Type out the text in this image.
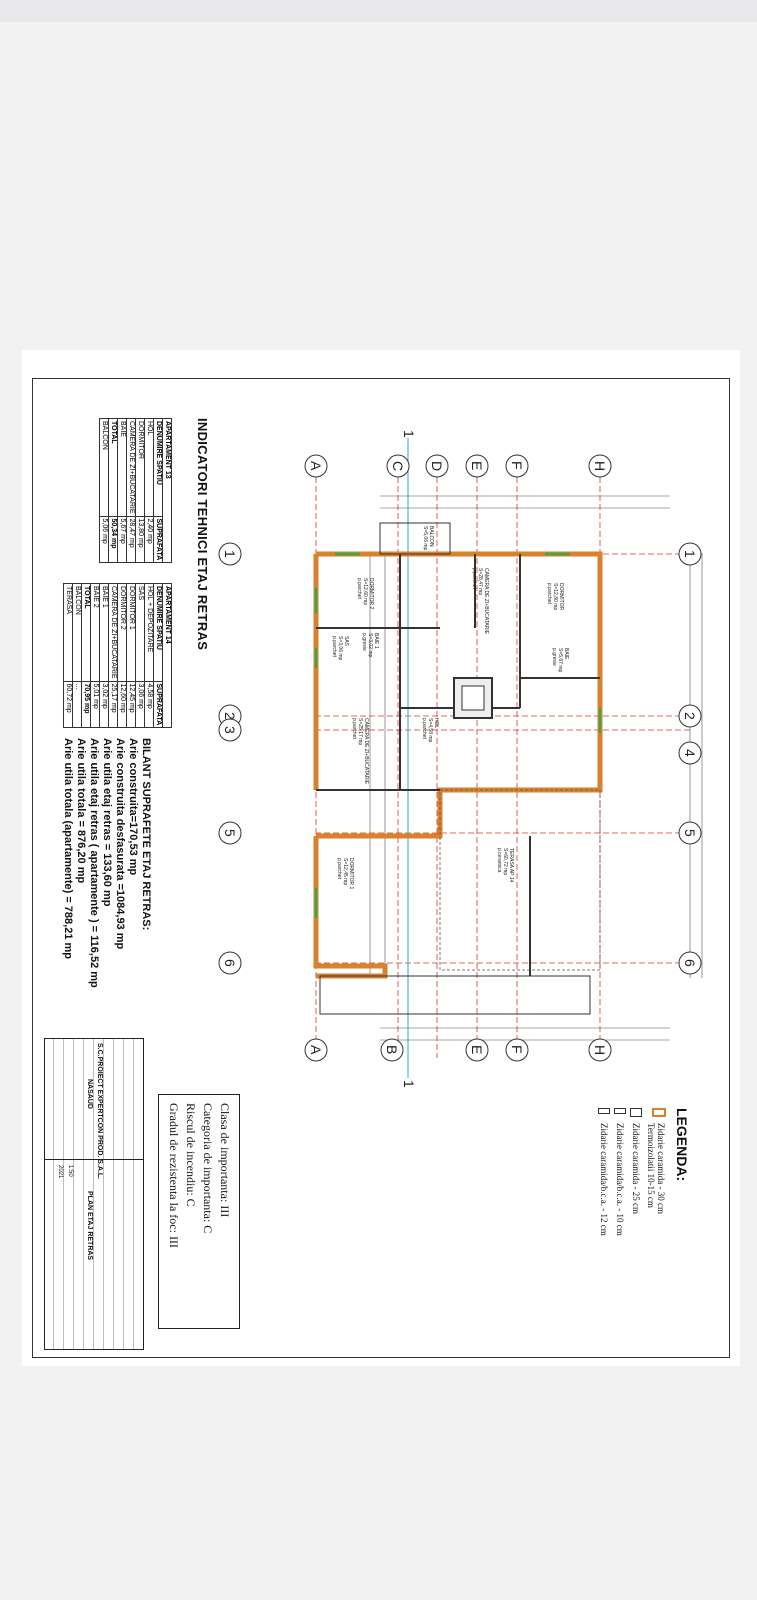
INDICATORI TEHNICI ETAJ RETRAS
APARTAMENT 13	
DENUMIRE SPATIU	SUPRAFATA
HOL	2,40 mp
DORMITOR	13,80 mp
CAMERA DE ZI+BUCATARIE	28,47 mp
BAIE	5,67 mp
TOTAL	50,34 mp
BALCON	5,06 mp
APARTAMENT 14	
DENUMIRE SPATIU	SUPRAFATA
HOL + DEPOZITARE	4,58 mp
SAS	3,06 mp
DORMITOR 1	12,45 mp
DORMITOR 2	12,60 mp
CAMERA DE ZI+BUCATARIE	25,17 mp
BAIE 1	3,02 mp
BAIE 2	5,01 mp
TOTAL	70,95 mp
BALCON	...
TERASA	60,72 mp
BILANT SUPRAFETE ETAJ RETRAS:
Arie construita=170,53 mp
Arie construita desfasurata =1084,93 mp
Arie utila etaj retras = 133,60 mp
Arie utila etaj retras ( apartamente ) = 116,52 mp
Arie utila totala = 876,20 mp
Arie utila totala (apartamente) = 788,21 mp
LEGENDA:
Zidarie caramida - 30 cm
Termoizolatii 10-15 cm
Zidarie caramida - 25 cm
Zidarie caramida/b.c.a. - 10 cm
Zidarie caramida/b.c.a. - 12 cm
Clasa de importanta: III
Categoria de importanta: C
Riscul de incendiu: C
Gradul de rezistenta la foc: III
S.C.PROIECT EXPERTCON PROD. S.A.L.
NASAUD
PLAN ETAJ RETRAS
2021 1:50
1
1
A	C D E F	H
A	B	E F	H
1
2
3
5
6
1
2
4
5
6
DORMITOR
S=12,80 mp
p.parchet
BAIE
S=5,67 mp
p.gresie
CAMERA DE ZI+BUCATARIE
S=28,47 mp
p.parchet
BALCON
S=5,06 mp
HOL
S=4,58 mp
p.parchet
DORMITOR 2
S=12,60 mp
p.parchet
BAIE 1
S=3,02 mp
p.gresie
SAS
S=3,06 mp
p.parchet
CAMERA DE ZI+BUCATARIE
S=25,17 mp
p.parchet
DORMITOR 1
S=12,45 mp
p.parchet	TERASA AP 14
S=60,72 mp
p.ceramica
